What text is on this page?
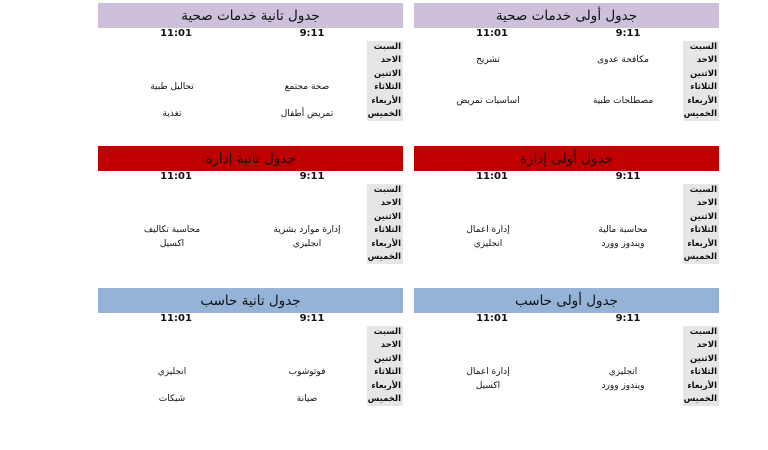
جدول أولى خدمات صحية
9:11
11:01
السبت
الاحد
الاثنين
الثلاثاء
الأربعاء
الخميس
مكافحة عدوى
تشريح
مصطلحات طبية
اساسيات تمريض
جدول تانية خدمات صحية
9:11
11:01
السبت
الاحد
الاثنين
الثلاثاء
الأربعاء
الخميس
صحة مجتمع
تحاليل طبية
تمريض أطفال
تغذية
جدول أولى إدارة
9:11
11:01
السبت
الاحد
الاثنين
الثلاثاء
الأربعاء
الخميس
محاسبة مالية
إدارة اعمال
ويندوز وورد
انجليزي
جدول تانية إدارة
9:11
11:01
السبت
الاحد
الاثنين
الثلاثاء
الأربعاء
الخميس
إدارة موارد بشرية
محاسبة تكاليف
انجليزي
اكسيل
جدول أولى حاسب
9:11
11:01
السبت
الاحد
الاثنين
الثلاثاء
الأربعاء
الخميس
انجليزي
إدارة اعمال
ويندوز وورد
اكسيل
جدول تانية حاسب
9:11
11:01
السبت
الاحد
الاثنين
الثلاثاء
الأربعاء
الخميس
فوتوشوب
انجليزي
صيانة
شبكات
